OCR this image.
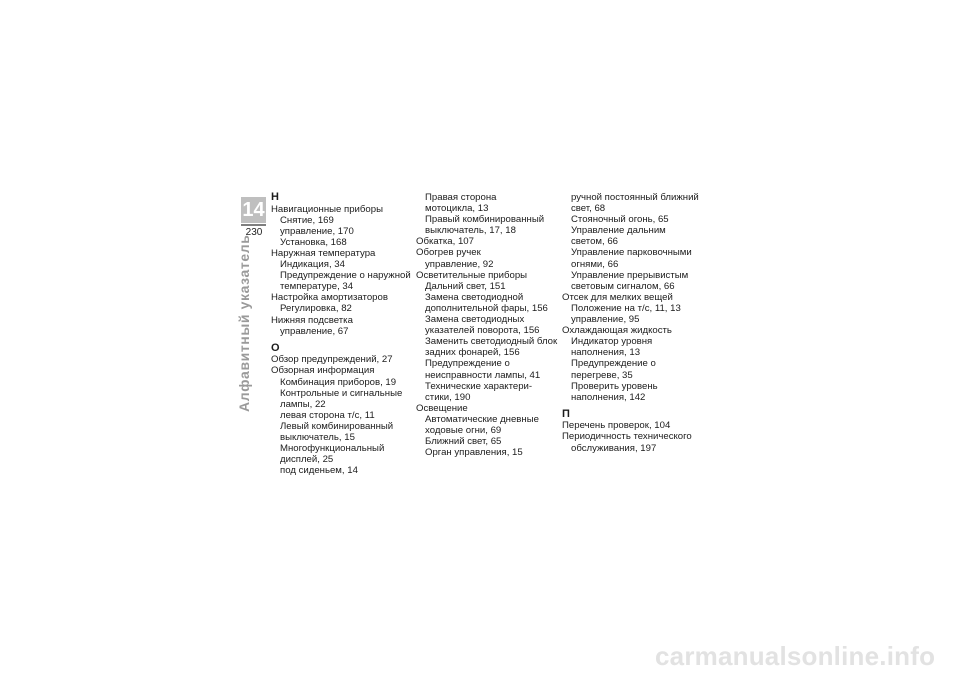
14
230
Алфавитный указатель
Н
Навигационные приборы
Снятие, 169
управление, 170
Установка, 168
Наружная температура
Индикация, 34
Предупреждение о наружной
температуре, 34
Настройка амортизаторов
Регулировка, 82
Нижняя подсветка
управление, 67
О
Обзор предупреждений, 27
Обзорная информация
Комбинация приборов, 19
Контрольные и сигнальные
лампы, 22
левая сторона т/с, 11
Левый комбинированный
выключатель, 15
Многофункциональный
дисплей, 25
под сиденьем, 14
Правая сторона
мотоцикла, 13
Правый комбинированный
выключатель, 17, 18
Обкатка, 107
Обогрев ручек
управление, 92
Осветительные приборы
Дальний свет, 151
Замена светодиодной
дополнительной фары, 156
Замена светодиодных
указателей поворота, 156
Заменить светодиодный блок
задних фонарей, 156
Предупреждение о
неисправности лампы, 41
Технические характери-
стики, 190
Освещение
Автоматические дневные
ходовые огни, 69
Ближний свет, 65
Орган управления, 15
ручной постоянный ближний
свет, 68
Стояночный огонь, 65
Управление дальним
светом, 66
Управление парковочными
огнями, 66
Управление прерывистым
световым сигналом, 66
Отсек для мелких вещей
Положение на т/с, 11, 13
управление, 95
Охлаждающая жидкость
Индикатор уровня
наполнения, 13
Предупреждение о
перегреве, 35
Проверить уровень
наполнения, 142
П
Перечень проверок, 104
Периодичность технического
обслуживания, 197
carmanualsonline.info
